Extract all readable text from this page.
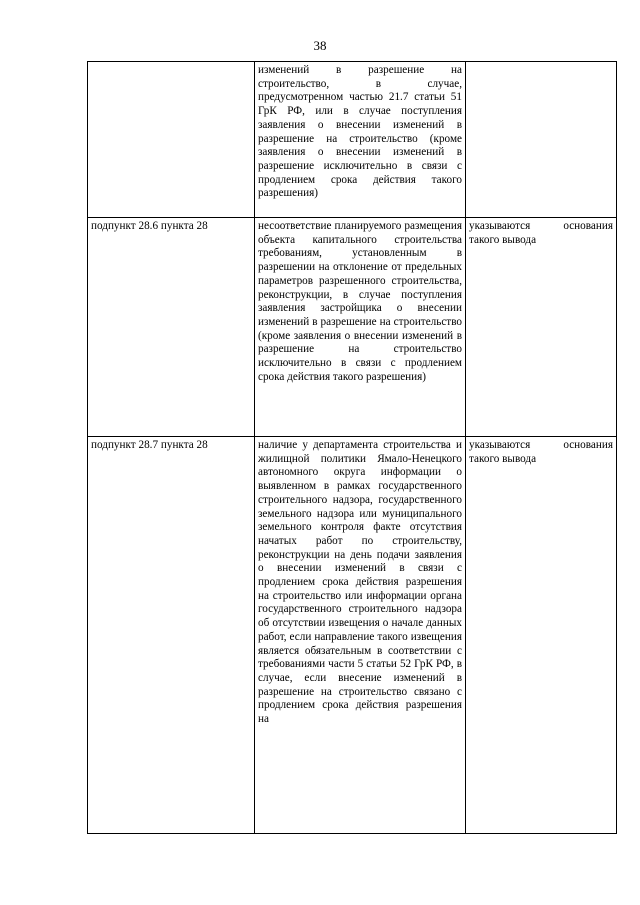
38
	изменений в разрешение на строительство, в случае, предусмотренном частью 21.7 статьи 51 ГрК РФ, или в случае поступления заявления о внесении изменений в разрешение на строительство (кроме заявления о внесении изменений в разрешение исключительно в связи с продлением срока действия такого разрешения)	
подпункт 28.6 пункта 28	несоответствие планируемого размещения объекта капитального строительства требованиям, установленным в разрешении на отклонение от предельных параметров разрешенного строительства, реконструкции, в случае поступления заявления застройщика о внесении изменений в разрешение на строительство (кроме заявления о внесении изменений в разрешение на строительство исключительно в связи с продлением срока действия такого разрешения)	указываются основания такого вывода
подпункт 28.7 пункта 28	наличие у департамента строительства и жилищной политики Ямало-Ненецкого автономного округа информации о выявленном в рамках государственного строительного надзора, государственного земельного надзора или муниципального земельного контроля факте отсутствия начатых работ по строительству, реконструкции на день подачи заявления о внесении изменений в связи с продлением срока действия разрешения на строительство или информации органа государственного строительного надзора об отсутствии извещения о начале данных работ, если направление такого извещения является обязательным в соответствии с требованиями части 5 статьи 52 ГрК РФ, в случае, если внесение изменений в разрешение на строительство связано с продлением срока действия разрешения на	указываются основания такого вывода
